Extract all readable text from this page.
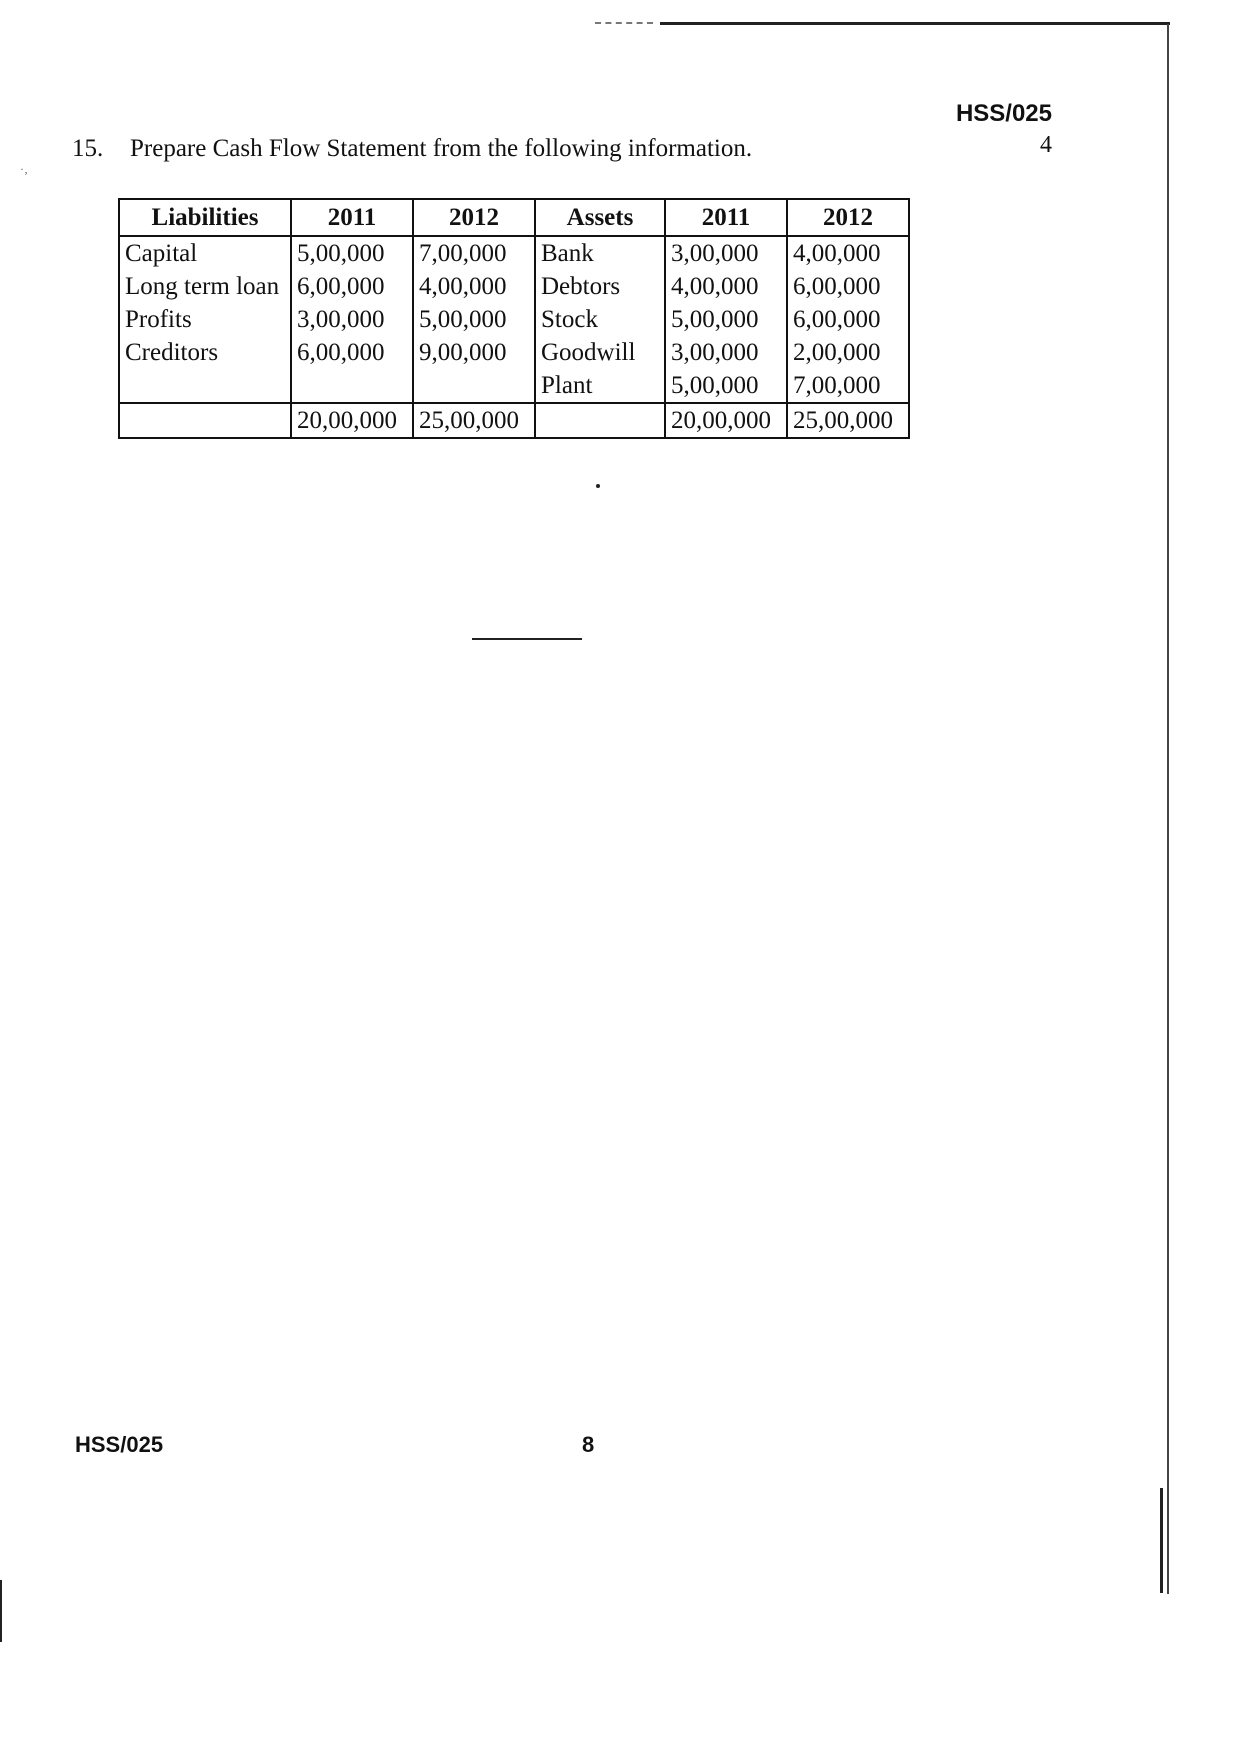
·‚
HSS/025
4
15.	Prepare Cash Flow Statement from the following information.
Liabilities	2011	2012	Assets	2011	2012
Capital	5,00,000	7,00,000	Bank	3,00,000	4,00,000
Long term loan	6,00,000	4,00,000	Debtors	4,00,000	6,00,000
Profits	3,00,000	5,00,000	Stock	5,00,000	6,00,000
Creditors	6,00,000	9,00,000	Goodwill	3,00,000	2,00,000
			Plant	5,00,000	7,00,000
	20,00,000	25,00,000		20,00,000	25,00,000
HSS/025	8
